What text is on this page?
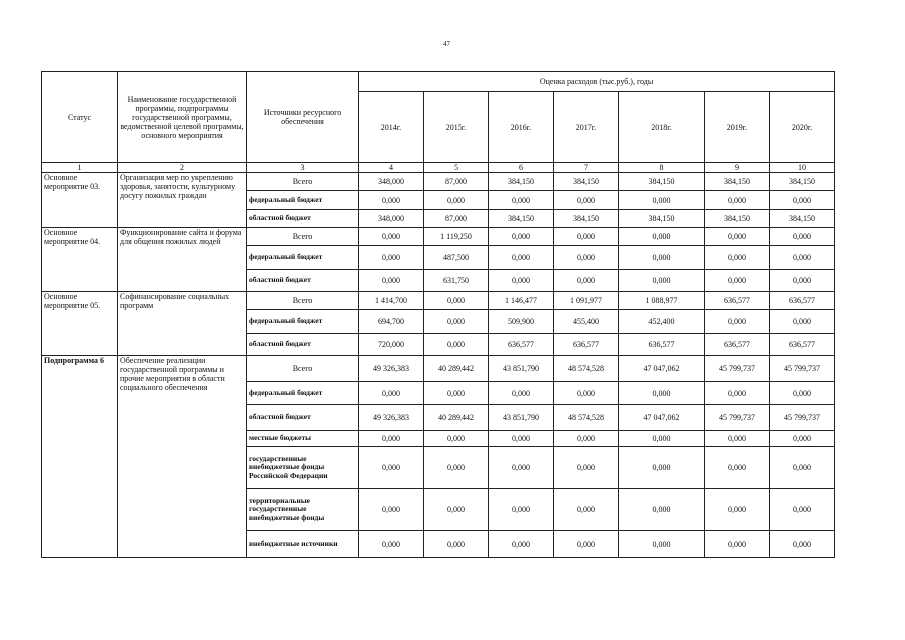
47
Статус	Наименование государственной программы, подпрограммы государственной программы, ведомственной целевой программы, основного мероприятия	Источники ресурсного обеспечения	Оценка расходов (тыс.руб.), годы						
			2014г.	2015г.	2016г.	2017г.	2018г.	2019г.	2020г.
1	2	3	4	5	6	7	8	9	10
Основное мероприятие 03.	Организация мер по укреплению здоровья, занятости, культурному досугу пожилых граждан	Всего	348,000	87,000	384,150	384,150	384,150	384,150	384,150
		федеральный бюджет	0,000	0,000	0,000	0,000	0,000	0,000	0,000
		областной бюджет	348,000	87,000	384,150	384,150	384,150	384,150	384,150
Основное мероприятие 04.	Функционирование сайта и форума для общения пожилых людей	Всего	0,000	1 119,250	0,000	0,000	0,000	0,000	0,000
		федеральный бюджет	0,000	487,500	0,000	0,000	0,000	0,000	0,000
		областной бюджет	0,000	631,750	0,000	0,000	0,000	0,000	0,000
Основное мероприятие 05.	Софинансирование социальных программ	Всего	1 414,700	0,000	1 146,477	1 091,977	1 088,977	636,577	636,577
		федеральный бюджет	694,700	0,000	509,900	455,400	452,400	0,000	0,000
		областной бюджет	720,000	0,000	636,577	636,577	636,577	636,577	636,577
Подпрограмма 6	Обеспечение реализации государственной программы и прочие мероприятия в области социального обеспечения	Всего	49 326,383	40 289,442	43 851,790	48 574,528	47 047,062	45 799,737	45 799,737
		федеральный бюджет	0,000	0,000	0,000	0,000	0,000	0,000	0,000
		областной бюджет	49 326,383	40 289,442	43 851,790	48 574,528	47 047,062	45 799,737	45 799,737
		местные бюджеты	0,000	0,000	0,000	0,000	0,000	0,000	0,000
		государственные внебюджетные фонды Российской Федерации	0,000	0,000	0,000	0,000	0,000	0,000	0,000
		территориальные государственные внебюджетные фонды	0,000	0,000	0,000	0,000	0,000	0,000	0,000
		внебюджетные источники	0,000	0,000	0,000	0,000	0,000	0,000	0,000
